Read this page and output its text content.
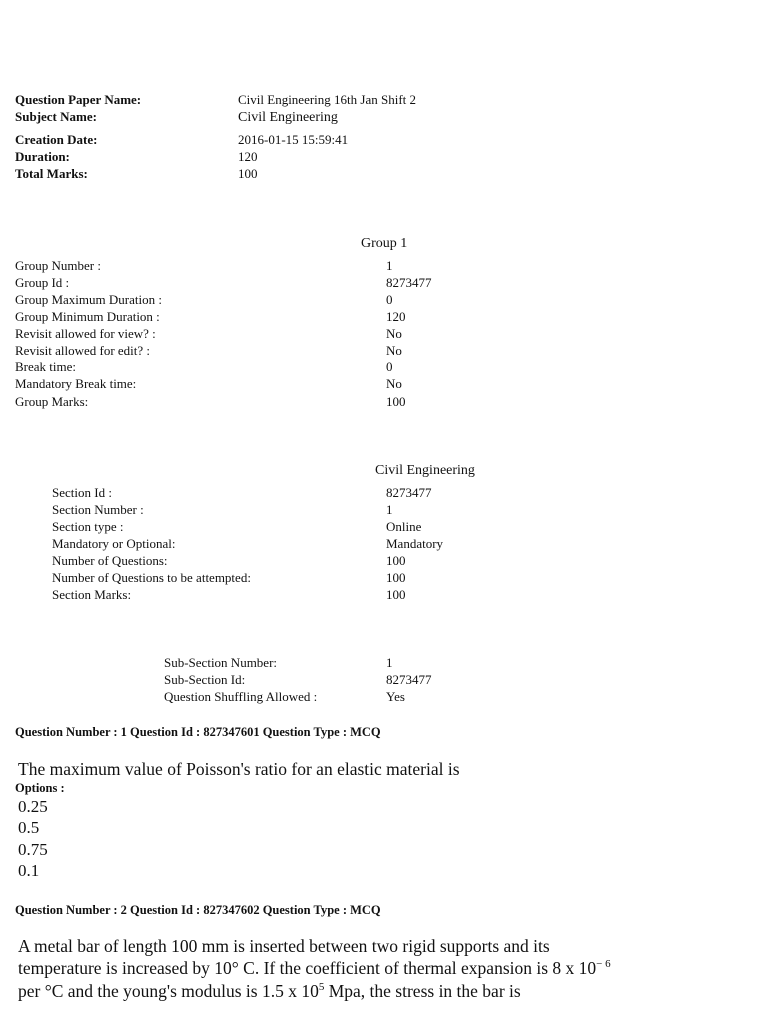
Question Paper Name:	Civil Engineering 16th Jan Shift 2
Subject Name:	Civil Engineering
Creation Date:	2016-01-15 15:59:41
Duration:	120
Total Marks:	100
Group 1
Group Number :	1
Group Id :	8273477
Group Maximum Duration :	0
Group Minimum Duration :	120
Revisit allowed for view? :	No
Revisit allowed for edit? :	No
Break time:	0
Mandatory Break time:	No
Group Marks:	100
Civil Engineering
Section Id :	8273477
Section Number :	1
Section type :	Online
Mandatory or Optional:	Mandatory
Number of Questions:	100
Number of Questions to be attempted:	100
Section Marks:	100
Sub-Section Number:	1
Sub-Section Id:	8273477
Question Shuffling Allowed :	Yes
Question Number : 1 Question Id : 827347601 Question Type : MCQ
The maximum value of Poisson's ratio for an elastic material is
Options :
0.25
0.5
0.75
0.1
Question Number : 2 Question Id : 827347602 Question Type : MCQ
A metal bar of length 100 mm is inserted between two rigid supports and its
temperature is increased by 10° C. If the coefficient of thermal expansion is 8 x $10^{- 6}$
per °C and the young's modulus is 1.5 x $10^5$ Mpa, the stress in the bar is
